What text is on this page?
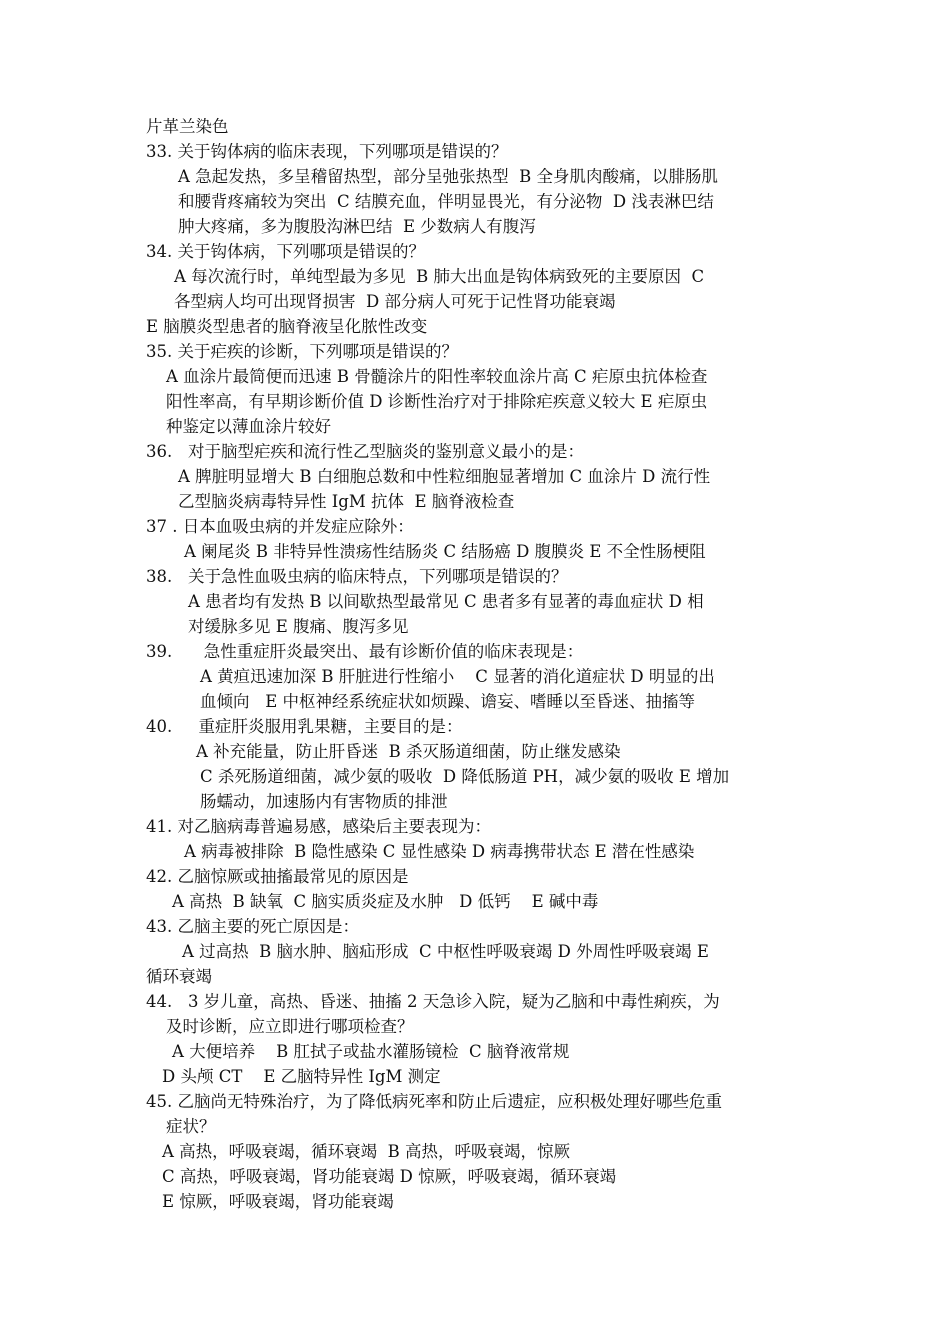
片革兰染色
33. 关于钩体病的临床表现，下列哪项是错误的？
A 急起发热，多呈稽留热型，部分呈弛张热型  B 全身肌肉酸痛，以腓肠肌
和腰背疼痛较为突出  C 结膜充血，伴明显畏光，有分泌物  D 浅表淋巴结
肿大疼痛，多为腹股沟淋巴结  E 少数病人有腹泻
34. 关于钩体病，下列哪项是错误的？
A 每次流行时，单纯型最为多见  B 肺大出血是钩体病致死的主要原因  C
各型病人均可出现肾损害  D 部分病人可死于记性肾功能衰竭
E 脑膜炎型患者的脑脊液呈化脓性改变
35. 关于疟疾的诊断，下列哪项是错误的？
A 血涂片最简便而迅速 B 骨髓涂片的阳性率较血涂片高 C 疟原虫抗体检查
阳性率高，有早期诊断价值 D 诊断性治疗对于排除疟疾意义较大 E 疟原虫
种鉴定以薄血涂片较好
36.   对于脑型疟疾和流行性乙型脑炎的鉴别意义最小的是：
A 脾脏明显增大 B 白细胞总数和中性粒细胞显著增加 C 血涂片 D 流行性
乙型脑炎病毒特异性 IgM 抗体  E 脑脊液检查
37 . 日本血吸虫病的并发症应除外：
A 阑尾炎 B 非特异性溃疡性结肠炎 C 结肠癌 D 腹膜炎 E 不全性肠梗阻
38.   关于急性血吸虫病的临床特点，下列哪项是错误的？
A 患者均有发热 B 以间歇热型最常见 C 患者多有显著的毒血症状 D 相
对缓脉多见 E 腹痛、腹泻多见
39.      急性重症肝炎最突出、最有诊断价值的临床表现是：
A 黄疸迅速加深 B 肝脏进行性缩小    C 显著的消化道症状 D 明显的出
血倾向   E 中枢神经系统症状如烦躁、谵妄、嗜睡以至昏迷、抽搐等
40.     重症肝炎服用乳果糖，主要目的是：
A 补充能量，防止肝昏迷  B 杀灭肠道细菌，防止继发感染
C 杀死肠道细菌，减少氨的吸收  D 降低肠道 PH，减少氨的吸收 E 增加
肠蠕动，加速肠内有害物质的排泄
41. 对乙脑病毒普遍易感，感染后主要表现为：
A 病毒被排除  B 隐性感染 C 显性感染 D 病毒携带状态 E 潜在性感染
42. 乙脑惊厥或抽搐最常见的原因是
A 高热  B 缺氧  C 脑实质炎症及水肿   D 低钙    E 碱中毒
43. 乙脑主要的死亡原因是：
A 过高热  B 脑水肿、脑疝形成  C 中枢性呼吸衰竭 D 外周性呼吸衰竭 E
循环衰竭
44.   3 岁儿童，高热、昏迷、抽搐 2 天急诊入院，疑为乙脑和中毒性痢疾，为
及时诊断，应立即进行哪项检查？
A 大便培养    B 肛拭子或盐水灌肠镜检  C 脑脊液常规
D 头颅 CT    E 乙脑特异性 IgM 测定
45. 乙脑尚无特殊治疗，为了降低病死率和防止后遗症，应积极处理好哪些危重
症状？
A 高热，呼吸衰竭，循环衰竭  B 高热，呼吸衰竭，惊厥
C 高热，呼吸衰竭，肾功能衰竭 D 惊厥，呼吸衰竭，循环衰竭
E 惊厥，呼吸衰竭，肾功能衰竭
